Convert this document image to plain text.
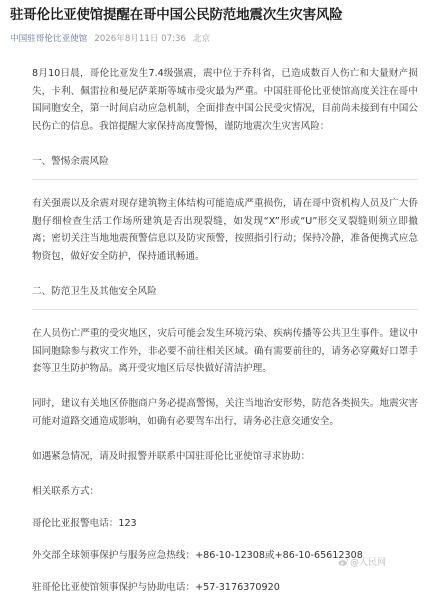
驻哥伦比亚使馆提醒在哥中国公民防范地震次生灾害风险
中国驻哥伦比亚使馆 2026年8月11日 07:36 北京

8月10日晨，哥伦比亚发生7.4级强震，震中位于乔科省，已造成数百人伤亡和大量财产损失，卡利、佩雷拉和曼尼萨莱斯等城市受灾最为严重。中国驻哥伦比亚使馆高度关注在哥中国同胞安全，第一时间启动应急机制，全面排查中国公民受灾情况，目前尚未接到有中国公民伤亡的信息。我馆提醒大家保持高度警惕，谨防地震次生灾害风险：

一、警惕余震风险

有关强震以及余震对现存建筑物主体结构可能造成严重损伤，请在哥中资机构人员及广大侨胞仔细检查生活工作场所建筑是否出现裂缝，如发现“X”形或“U”形交叉裂缝则须立即撤离；密切关注当地地震预警信息以及防灾预警，按照指引行动；保持冷静，准备便携式应急物资包，做好安全防护，保持通讯畅通。

二、防范卫生及其他安全风险

在人员伤亡严重的受灾地区，灾后可能会发生环境污染、疾病传播等公共卫生事件。建议中国同胞除参与救灾工作外，非必要不前往相关区域。确有需要前往的，请务必穿戴好口罩手套等卫生防护物品。离开受灾地区后尽快做好清洁护理。

同时，建议有关地区侨胞商户务必提高警惕，关注当地治安形势，防范各类损失。地震灾害可能对道路交通造成影响，如确有必要驾车出行，请务必注意交通安全。

如遇紧急情况，请及时报警并联系中国驻哥伦比亚使馆寻求协助：

相关联系方式：

哥伦比亚报警电话：123

外交部全球领事保护与服务应急热线：+86-10-12308或+86-10-65612308

驻哥伦比亚使馆领事保护与协助电话：+57-3176370920

@人民网
